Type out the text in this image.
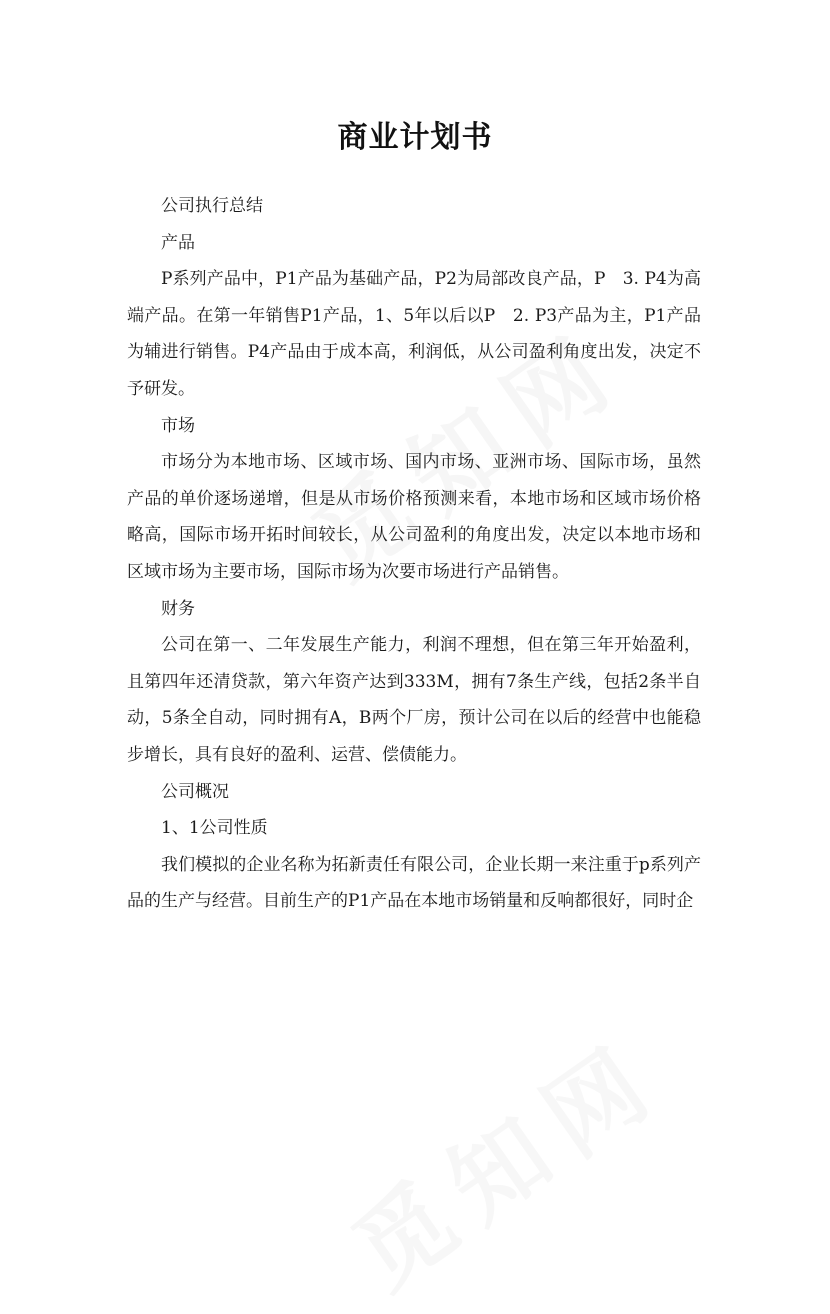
商业计划书

公司执行总结

产品

P系列产品中，P1产品为基础产品，P2为局部改良产品，P　3. P4为高端产品。在第一年销售P1产品，1、5年以后以P　2. P3产品为主，P1产品为辅进行销售。P4产品由于成本高，利润低，从公司盈利角度出发，决定不予研发。

市场

市场分为本地市场、区域市场、国内市场、亚洲市场、国际市场，虽然产品的单价逐场递增，但是从市场价格预测来看，本地市场和区域市场价格略高，国际市场开拓时间较长，从公司盈利的角度出发，决定以本地市场和区域市场为主要市场，国际市场为次要市场进行产品销售。

财务

公司在第一、二年发展生产能力，利润不理想，但在第三年开始盈利，且第四年还清贷款，第六年资产达到333M，拥有7条生产线，包括2条半自动，5条全自动，同时拥有A，B两个厂房，预计公司在以后的经营中也能稳步增长，具有良好的盈利、运营、偿债能力。

公司概况

1、1公司性质

我们模拟的企业名称为拓新责任有限公司，企业长期一来注重于p系列产品的生产与经营。目前生产的P1产品在本地市场销量和反响都很好，同时企
